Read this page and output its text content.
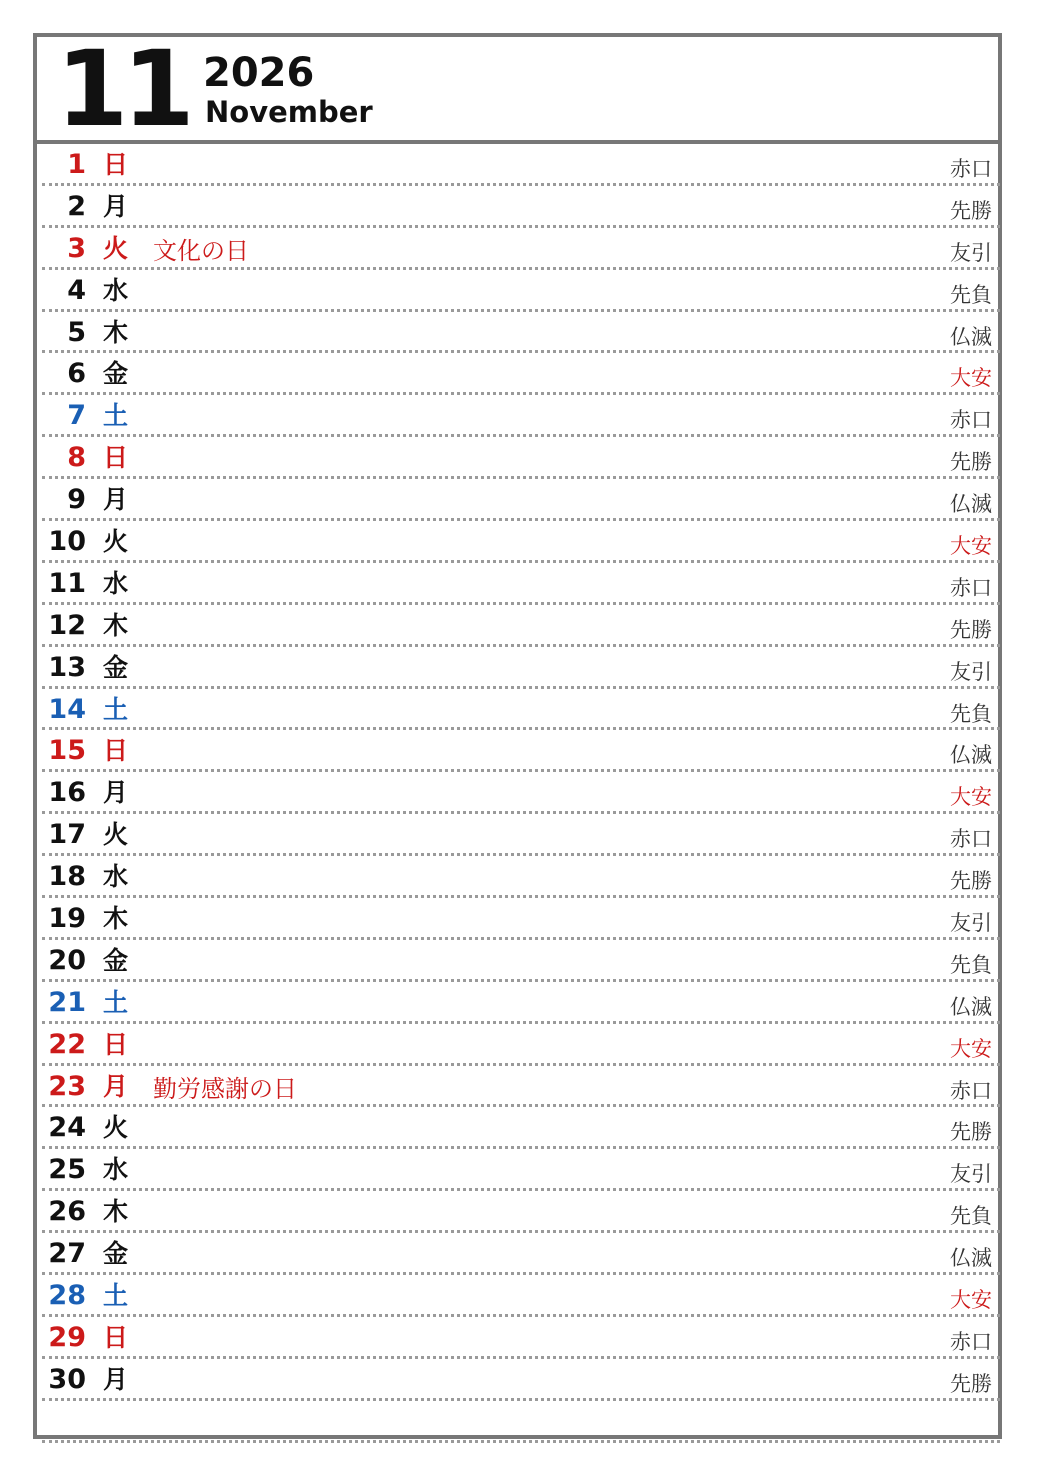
11 2026
November
1 日	赤口
2 月	先勝
3 火 文化の日	友引
4 水	先負
5 木	仏滅
6 金	大安
7 土	赤口
8 日	先勝
9 月	仏滅
10 火	大安
11 水	赤口
12 木	先勝
13 金	友引
14 土	先負
15 日	仏滅
16 月	大安
17 火	赤口
18 水	先勝
19 木	友引
20 金	先負
21 土	仏滅
22 日	大安
23 月 勤労感謝の日	赤口
24 火	先勝
25 水	友引
26 木	先負
27 金	仏滅
28 土	大安
29 日	赤口
30 月	先勝
